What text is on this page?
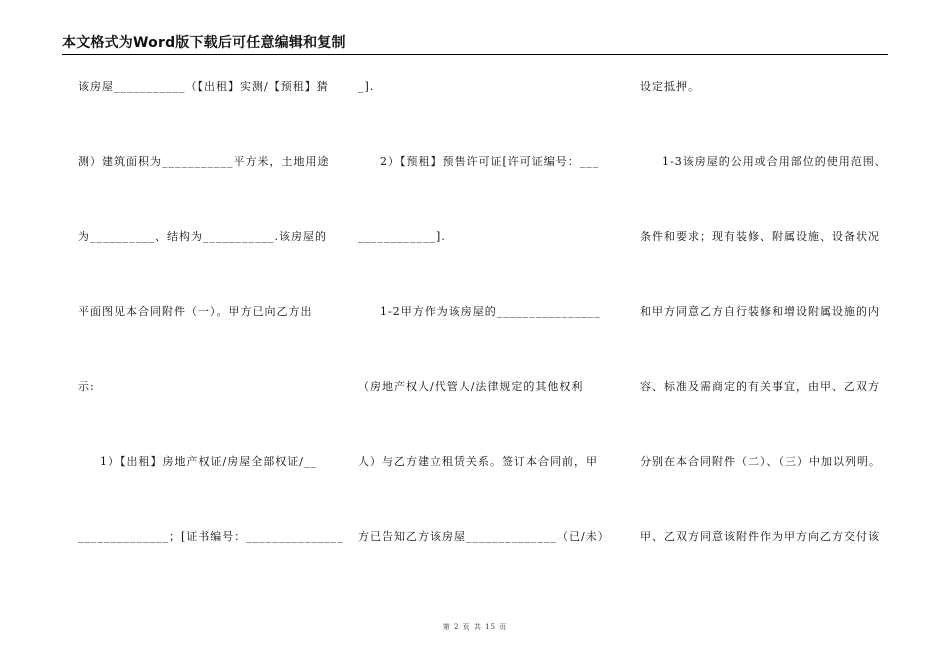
本文格式为Word版下载后可任意编辑和复制
该房屋___________（【出租】实测/【预租】猜
测）建筑面积为___________平方米，土地用途
为__________、结构为___________.该房屋的
平面图见本合同附件（一）。甲方已向乙方出
示:
1）【出租】房地产权证/房屋全部权证/__
______________；[证书编号：_______________
_].
2）【预租】预售许可证[许可证编号：___
____________].
1-2甲方作为该房屋的________________
（房地产权人/代管人/法律规定的其他权利
人）与乙方建立租赁关系。签订本合同前，甲
方已告知乙方该房屋______________（已/未）
设定抵押。
1-3该房屋的公用或合用部位的使用范围、
条件和要求；现有装修、附属设施、设备状况
和甲方同意乙方自行装修和增设附属设施的内
容、标准及需商定的有关事宜，由甲、乙双方
分别在本合同附件（二）、（三）中加以列明。
甲、乙双方同意该附件作为甲方向乙方交付该
第 2 页 共 15 页
